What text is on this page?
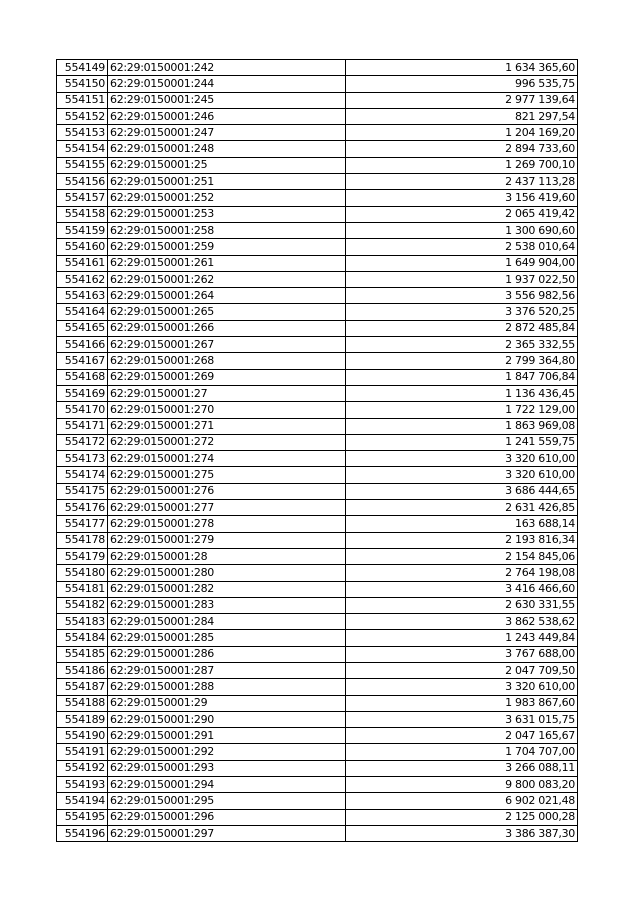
554149	62:29:0150001:242	1 634 365,60
554150	62:29:0150001:244	996 535,75
554151	62:29:0150001:245	2 977 139,64
554152	62:29:0150001:246	821 297,54
554153	62:29:0150001:247	1 204 169,20
554154	62:29:0150001:248	2 894 733,60
554155	62:29:0150001:25	1 269 700,10
554156	62:29:0150001:251	2 437 113,28
554157	62:29:0150001:252	3 156 419,60
554158	62:29:0150001:253	2 065 419,42
554159	62:29:0150001:258	1 300 690,60
554160	62:29:0150001:259	2 538 010,64
554161	62:29:0150001:261	1 649 904,00
554162	62:29:0150001:262	1 937 022,50
554163	62:29:0150001:264	3 556 982,56
554164	62:29:0150001:265	3 376 520,25
554165	62:29:0150001:266	2 872 485,84
554166	62:29:0150001:267	2 365 332,55
554167	62:29:0150001:268	2 799 364,80
554168	62:29:0150001:269	1 847 706,84
554169	62:29:0150001:27	1 136 436,45
554170	62:29:0150001:270	1 722 129,00
554171	62:29:0150001:271	1 863 969,08
554172	62:29:0150001:272	1 241 559,75
554173	62:29:0150001:274	3 320 610,00
554174	62:29:0150001:275	3 320 610,00
554175	62:29:0150001:276	3 686 444,65
554176	62:29:0150001:277	2 631 426,85
554177	62:29:0150001:278	163 688,14
554178	62:29:0150001:279	2 193 816,34
554179	62:29:0150001:28	2 154 845,06
554180	62:29:0150001:280	2 764 198,08
554181	62:29:0150001:282	3 416 466,60
554182	62:29:0150001:283	2 630 331,55
554183	62:29:0150001:284	3 862 538,62
554184	62:29:0150001:285	1 243 449,84
554185	62:29:0150001:286	3 767 688,00
554186	62:29:0150001:287	2 047 709,50
554187	62:29:0150001:288	3 320 610,00
554188	62:29:0150001:29	1 983 867,60
554189	62:29:0150001:290	3 631 015,75
554190	62:29:0150001:291	2 047 165,67
554191	62:29:0150001:292	1 704 707,00
554192	62:29:0150001:293	3 266 088,11
554193	62:29:0150001:294	9 800 083,20
554194	62:29:0150001:295	6 902 021,48
554195	62:29:0150001:296	2 125 000,28
554196	62:29:0150001:297	3 386 387,30
